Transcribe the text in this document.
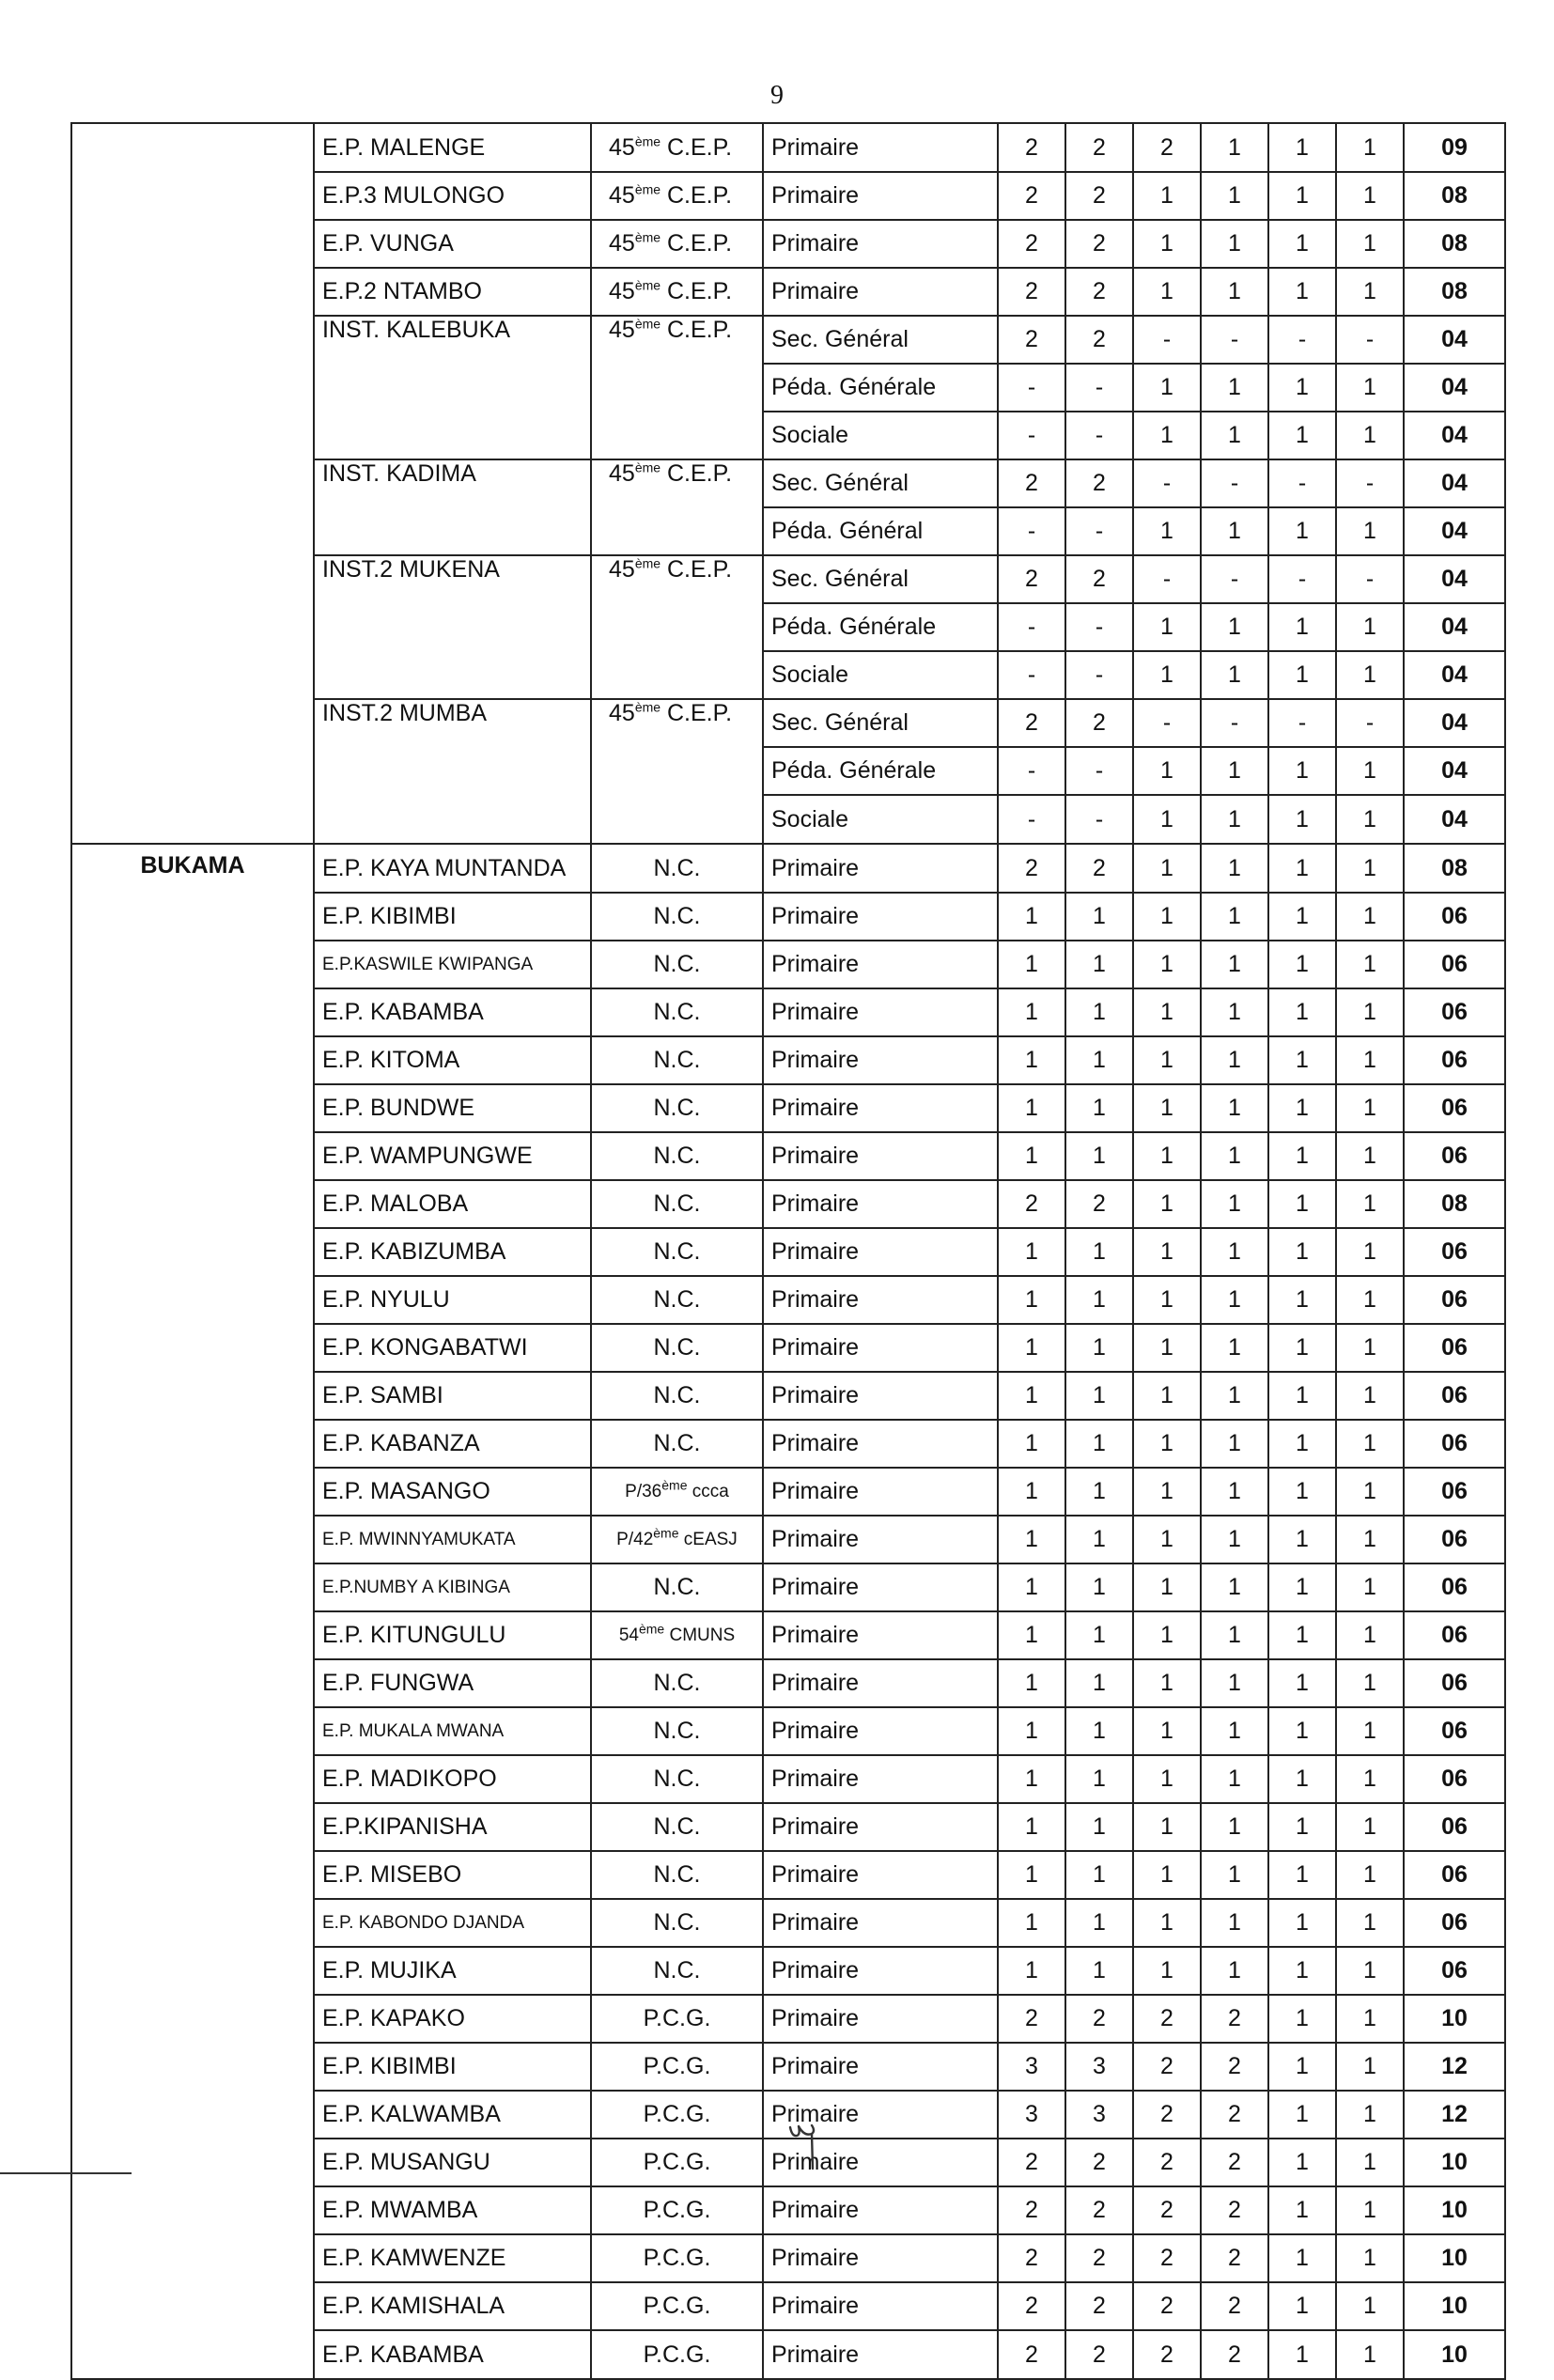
9
	E.P. MALENGE	45ème C.E.P.	Primaire	2	2	2	1	1	1	09
	E.P.3 MULONGO	45ème C.E.P.	Primaire	2	2	1	1	1	1	08
	E.P. VUNGA	45ème C.E.P.	Primaire	2	2	1	1	1	1	08
	E.P.2 NTAMBO	45ème C.E.P.	Primaire	2	2	1	1	1	1	08
	INST. KALEBUKA	45ème C.E.P.	Sec. Général	2	2	-	-	-	-	04
			Péda. Générale	-	-	1	1	1	1	04
			Sociale	-	-	1	1	1	1	04
	INST. KADIMA	45ème C.E.P.	Sec. Général	2	2	-	-	-	-	04
			Péda. Général	-	-	1	1	1	1	04
	INST.2 MUKENA	45ème C.E.P.	Sec. Général	2	2	-	-	-	-	04
			Péda. Générale	-	-	1	1	1	1	04
			Sociale	-	-	1	1	1	1	04
	INST.2 MUMBA	45ème C.E.P.	Sec. Général	2	2	-	-	-	-	04
			Péda. Générale	-	-	1	1	1	1	04
			Sociale	-	-	1	1	1	1	04
BUKAMA	E.P. KAYA MUNTANDA	N.C.	Primaire	2	2	1	1	1	1	08
	E.P. KIBIMBI	N.C.	Primaire	1	1	1	1	1	1	06
	E.P.KASWILE KWIPANGA	N.C.	Primaire	1	1	1	1	1	1	06
	E.P. KABAMBA	N.C.	Primaire	1	1	1	1	1	1	06
	E.P. KITOMA	N.C.	Primaire	1	1	1	1	1	1	06
	E.P. BUNDWE	N.C.	Primaire	1	1	1	1	1	1	06
	E.P. WAMPUNGWE	N.C.	Primaire	1	1	1	1	1	1	06
	E.P. MALOBA	N.C.	Primaire	2	2	1	1	1	1	08
	E.P. KABIZUMBA	N.C.	Primaire	1	1	1	1	1	1	06
	E.P. NYULU	N.C.	Primaire	1	1	1	1	1	1	06
	E.P. KONGABATWI	N.C.	Primaire	1	1	1	1	1	1	06
	E.P. SAMBI	N.C.	Primaire	1	1	1	1	1	1	06
	E.P. KABANZA	N.C.	Primaire	1	1	1	1	1	1	06
	E.P. MASANGO	P/36ème ccca	Primaire	1	1	1	1	1	1	06
	E.P. MWINNYAMUKATA	P/42ème cEASJ	Primaire	1	1	1	1	1	1	06
	E.P.NUMBY A KIBINGA	N.C.	Primaire	1	1	1	1	1	1	06
	E.P. KITUNGULU	54ème CMUNS	Primaire	1	1	1	1	1	1	06
	E.P. FUNGWA	N.C.	Primaire	1	1	1	1	1	1	06
	E.P. MUKALA MWANA	N.C.	Primaire	1	1	1	1	1	1	06
	E.P. MADIKOPO	N.C.	Primaire	1	1	1	1	1	1	06
	E.P.KIPANISHA	N.C.	Primaire	1	1	1	1	1	1	06
	E.P. MISEBO	N.C.	Primaire	1	1	1	1	1	1	06
	E.P. KABONDO DJANDA	N.C.	Primaire	1	1	1	1	1	1	06
	E.P. MUJIKA	N.C.	Primaire	1	1	1	1	1	1	06
	E.P. KAPAKO	P.C.G.	Primaire	2	2	2	2	1	1	10
	E.P. KIBIMBI	P.C.G.	Primaire	3	3	2	2	1	1	12
	E.P. KALWAMBA	P.C.G.	Primaire	3	3	2	2	1	1	12
	E.P. MUSANGU	P.C.G.	Primaire	2	2	2	2	1	1	10
	E.P. MWAMBA	P.C.G.	Primaire	2	2	2	2	1	1	10
	E.P. KAMWENZE	P.C.G.	Primaire	2	2	2	2	1	1	10
	E.P. KAMISHALA	P.C.G.	Primaire	2	2	2	2	1	1	10
	E.P. KABAMBA	P.C.G.	Primaire	2	2	2	2	1	1	10
